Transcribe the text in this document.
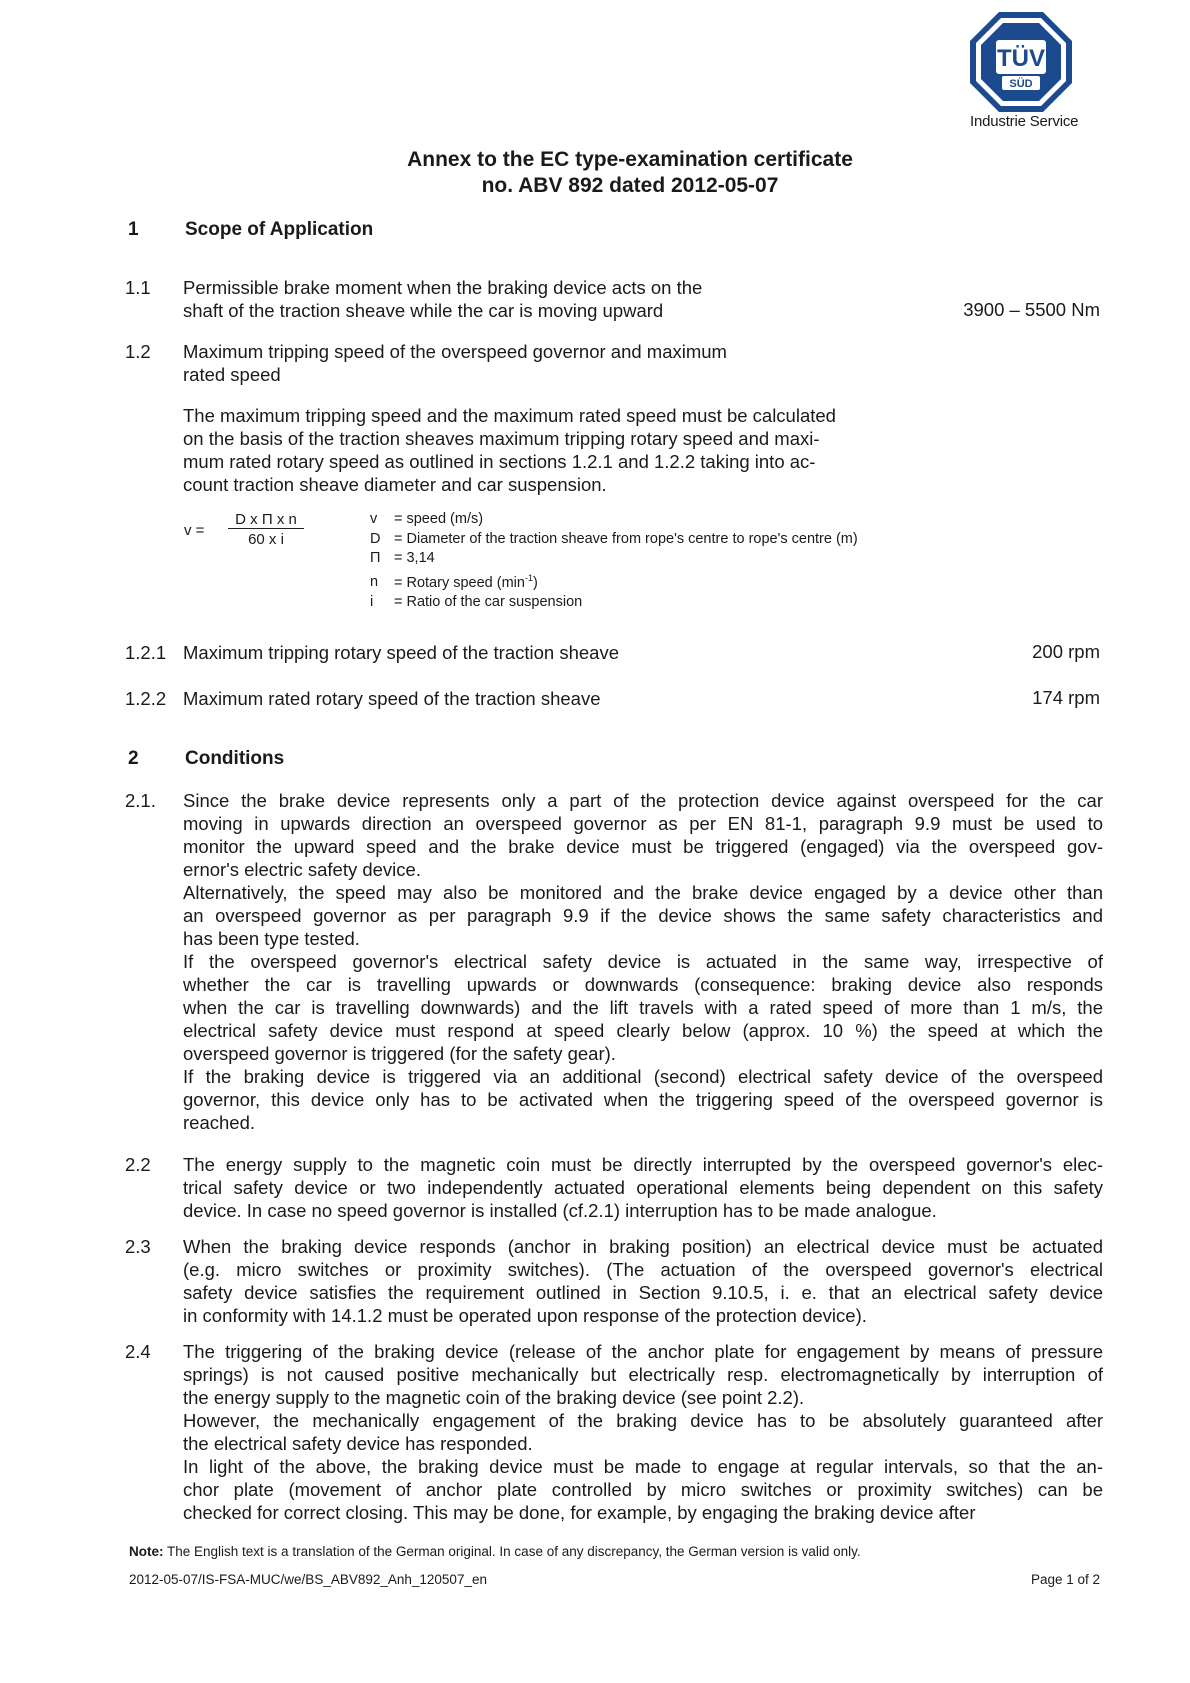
TÜV
SÜD
Industrie Service
Annex to the EC type-examination certificate
no. ABV 892 dated 2012-05-07
1 Scope of Application
1.1 Permissible brake moment when the braking device acts on the
shaft of the traction sheave while the car is moving upward	3900 – 5500 Nm
1.2 Maximum tripping speed of the overspeed governor and maximum
rated speed
The maximum tripping speed and the maximum rated speed must be calculated
on the basis of the traction sheaves maximum tripping rotary speed and maxi-
mum rated rotary speed as outlined in sections 1.2.1 and 1.2.2 taking into ac-
count traction sheave diameter and car suspension.
v =
D x Π x n
60 x i
v = speed (m/s)
D = Diameter of the traction sheave from rope's centre to rope's centre (m)
Π = 3,14
n = Rotary speed $(\min^{-1})$
i = Ratio of the car suspension
1.2.1 Maximum tripping rotary speed of the traction sheave	200 rpm
1.2.2 Maximum rated rotary speed of the traction sheave	174 rpm
2 Conditions
2.1. Since the brake device represents only a part of the protection device against overspeed for the car
moving in upwards direction an overspeed governor as per EN 81-1, paragraph 9.9 must be used to
monitor the upward speed and the brake device must be triggered (engaged) via the overspeed gov-
ernor's electric safety device.
Alternatively, the speed may also be monitored and the brake device engaged by a device other than
an overspeed governor as per paragraph 9.9 if the device shows the same safety characteristics and
has been type tested.
If the overspeed governor's electrical safety device is actuated in the same way, irrespective of
whether the car is travelling upwards or downwards (consequence: braking device also responds
when the car is travelling downwards) and the lift travels with a rated speed of more than 1 m/s, the
electrical safety device must respond at speed clearly below (approx. 10 %) the speed at which the
overspeed governor is triggered (for the safety gear).
If the braking device is triggered via an additional (second) electrical safety device of the overspeed
governor, this device only has to be activated when the triggering speed of the overspeed governor is
reached.
2.2 The energy supply to the magnetic coin must be directly interrupted by the overspeed governor's elec-
trical safety device or two independently actuated operational elements being dependent on this safety
device. In case no speed governor is installed (cf.2.1) interruption has to be made analogue.
2.3 When the braking device responds (anchor in braking position) an electrical device must be actuated
(e.g. micro switches or proximity switches). (The actuation of the overspeed governor's electrical
safety device satisfies the requirement outlined in Section 9.10.5, i. e. that an electrical safety device
in conformity with 14.1.2 must be operated upon response of the protection device).
2.4 The triggering of the braking device (release of the anchor plate for engagement by means of pressure
springs) is not caused positive mechanically but electrically resp. electromagnetically by interruption of
the energy supply to the magnetic coin of the braking device (see point 2.2).
However, the mechanically engagement of the braking device has to be absolutely guaranteed after
the electrical safety device has responded.
In light of the above, the braking device must be made to engage at regular intervals, so that the an-
chor plate (movement of anchor plate controlled by micro switches or proximity switches) can be
checked for correct closing. This may be done, for example, by engaging the braking device after
Note: The English text is a translation of the German original. In case of any discrepancy, the German version is valid only.
2012-05-07/IS-FSA-MUC/we/BS_ABV892_Anh_120507_en	Page 1 of 2
